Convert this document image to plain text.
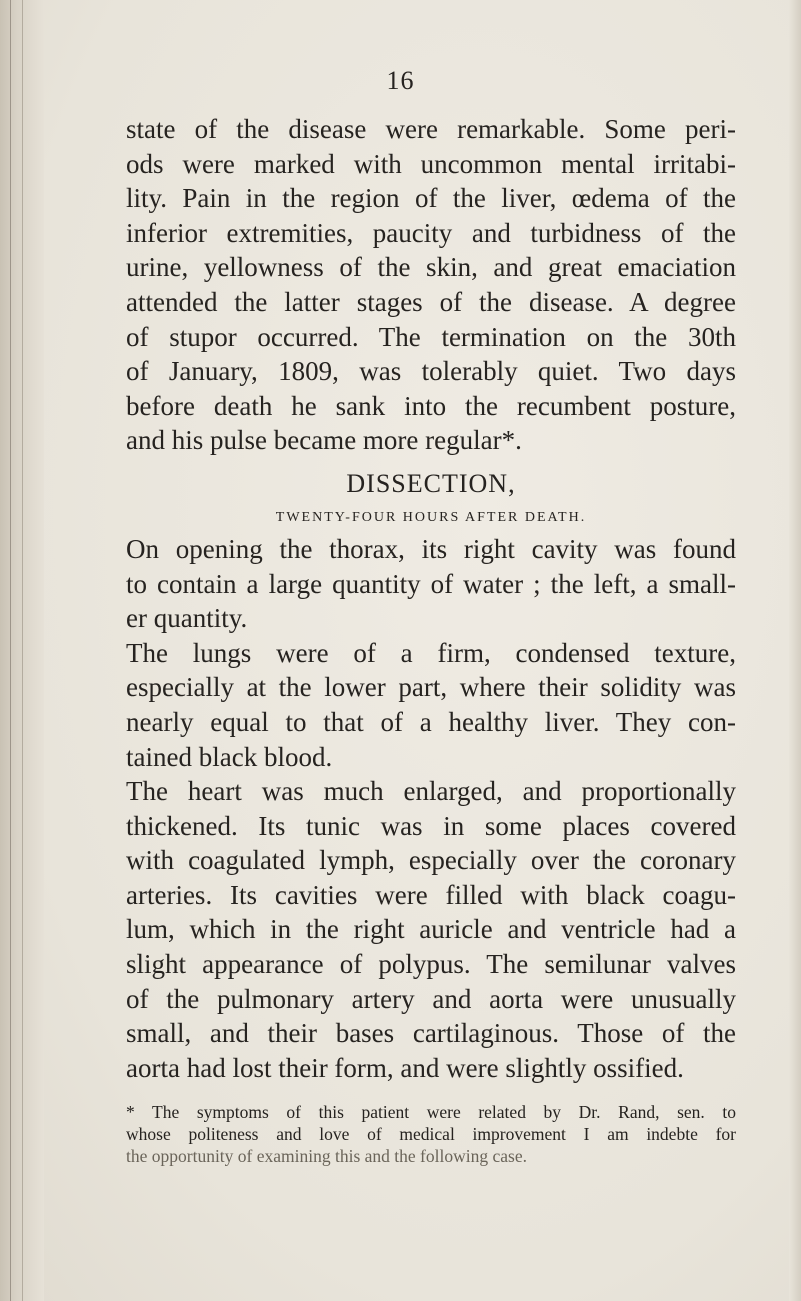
16
state of the disease were remarkable. Some peri-
ods were marked with uncommon mental irritabi-
lity. Pain in the region of the liver, œdema of the
inferior extremities, paucity and turbidness of the
urine, yellowness of the skin, and great emaciation
attended the latter stages of the disease. A degree
of stupor occurred. The termination on the 30th
of January, 1809, was tolerably quiet. Two days
before death he sank into the recumbent posture,
and his pulse became more regular*.
DISSECTION,
TWENTY-FOUR HOURS AFTER DEATH.
On opening the thorax, its right cavity was found
to contain a large quantity of water ; the left, a small-
er quantity.
The lungs were of a firm, condensed texture,
especially at the lower part, where their solidity was
nearly equal to that of a healthy liver. They con-
tained black blood.
The heart was much enlarged, and proportionally
thickened. Its tunic was in some places covered
with coagulated lymph, especially over the coronary
arteries. Its cavities were filled with black coagu-
lum, which in the right auricle and ventricle had a
slight appearance of polypus. The semilunar valves
of the pulmonary artery and aorta were unusually
small, and their bases cartilaginous. Those of the
aorta had lost their form, and were slightly ossified.
* The symptoms of this patient were related by Dr. Rand, sen. to
whose politeness and love of medical improvement I am indebte for
the opportunity of examining this and the following case.
